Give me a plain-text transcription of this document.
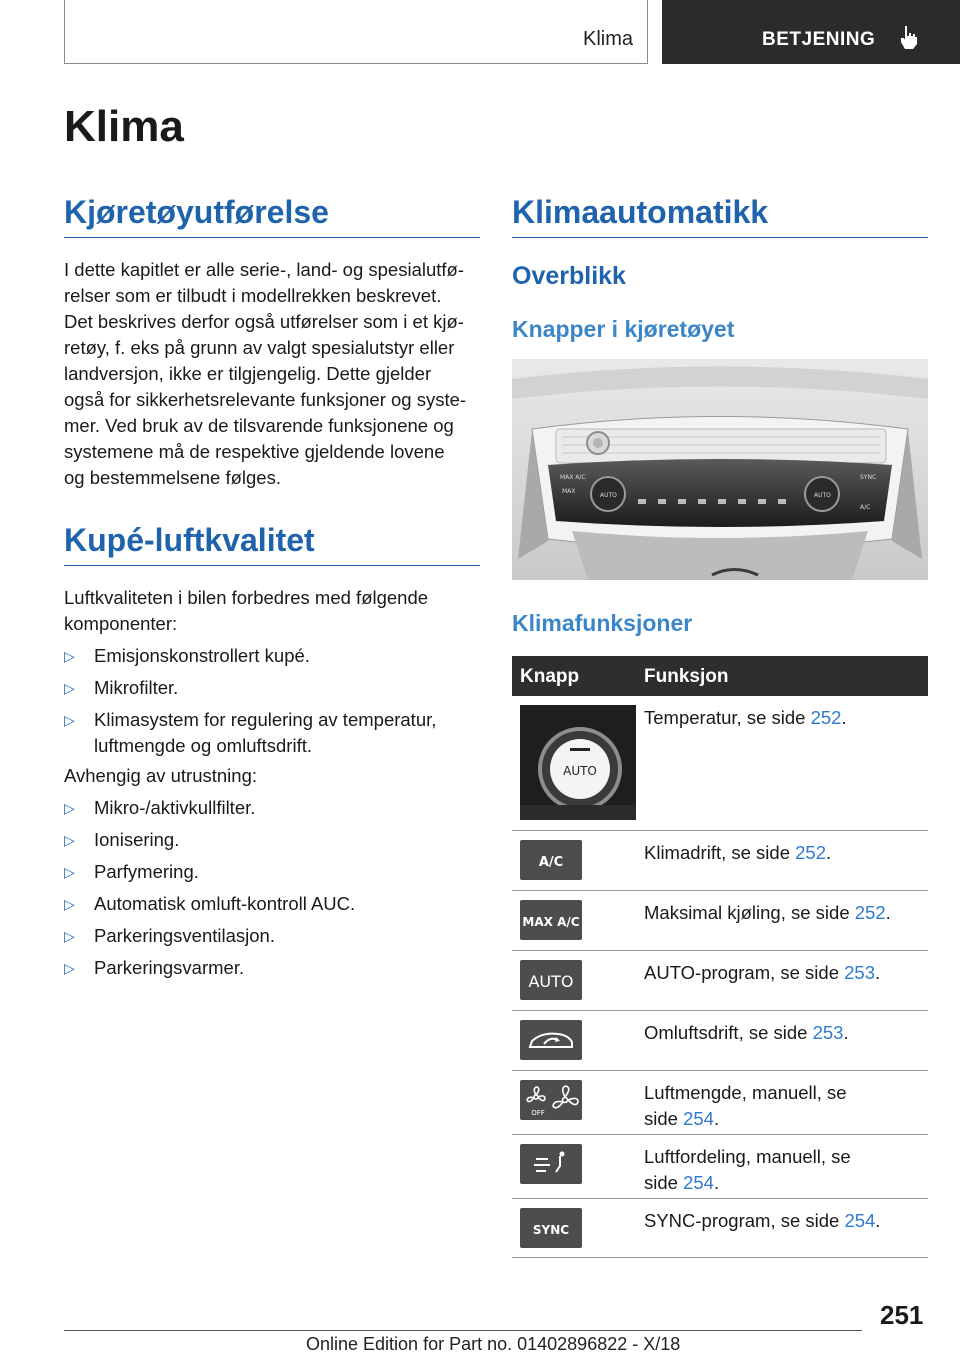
Klima	BETJENING
Klima
Kjøretøyutførelse
I dette kapitlet er alle serie-, land- og spesialutfø-
relser som er tilbudt i modellrekken beskrevet.
Det beskrives derfor også utførelser som i et kjø-
retøy, f. eks på grunn av valgt spesialutstyr eller
landversjon, ikke er tilgjengelig. Dette gjelder
også for sikkerhetsrelevante funksjoner og syste-
mer. Ved bruk av de tilsvarende funksjonene og
systemene må de respektive gjeldende lovene
og bestemmelsene følges.
Kupé-luftkvalitet
Luftkvaliteten i bilen forbedres med følgende
komponenter:
▷ Emisjonskonstrollert kupé.
▷ Mikrofilter.
▷ Klimasystem for regulering av temperatur,
luftmengde og omluftsdrift.
Avhengig av utrustning:
▷ Mikro-/aktivkullfilter.
▷ Ionisering.
▷ Parfymering.
▷ Automatisk omluft-kontroll AUC.
▷ Parkeringsventilasjon.
▷ Parkeringsvarmer.
Klimaautomatikk
Overblikk
Knapper i kjøretøyet
MAX A/C
MAX
AUTO	AUTO
SYNC
A/C
Klimafunksjoner
Knapp	Funksjon
AUTO
Temperatur, se side 252.
A/C	Klimadrift, se side 252.
MAX A/C	Maksimal kjøling, se side 252.
AUTO	AUTO-program, se side 253.
Omluftsdrift, se side 253.
OFF
Luftmengde, manuell, se
side 254.
Luftfordeling, manuell, se
side 254.
SYNC	SYNC-program, se side 254.
251
Online Edition for Part no. 01402896822 - X/18
